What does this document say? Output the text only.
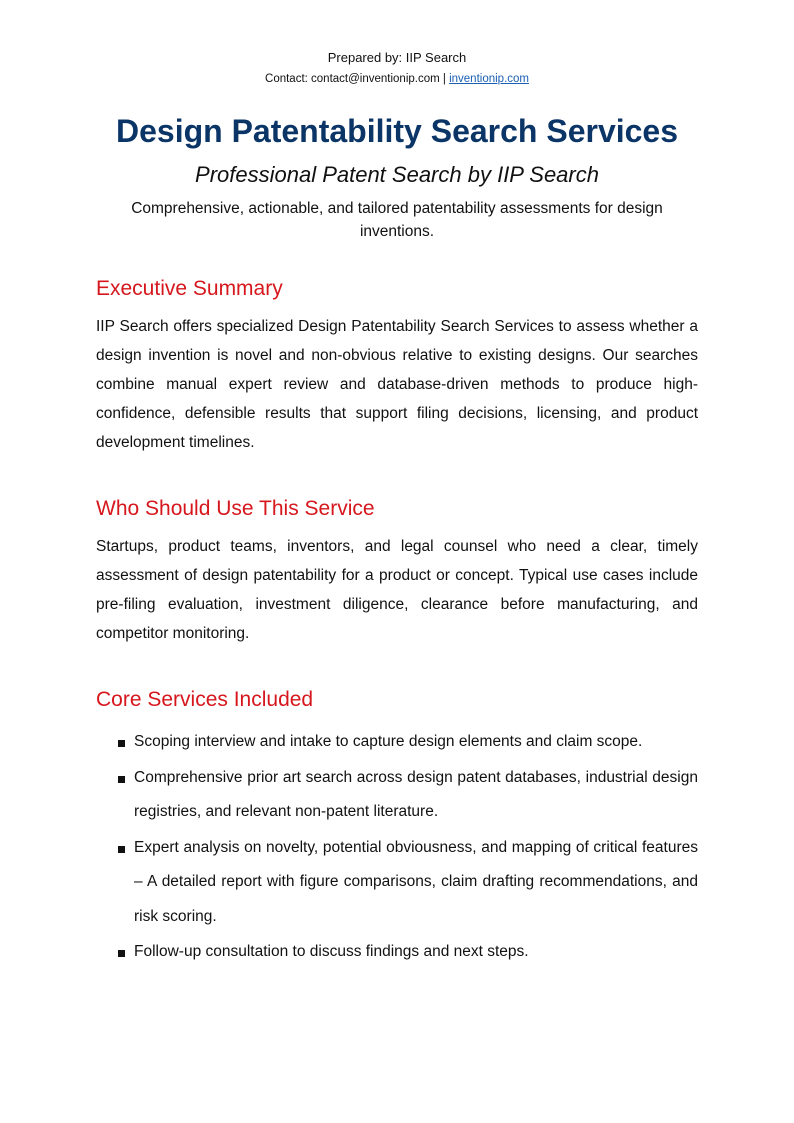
Prepared by: IIP Search
Contact: contact@inventionip.com | inventionip.com
Design Patentability Search Services
Professional Patent Search by IIP Search
Comprehensive, actionable, and tailored patentability assessments for design inventions.
Executive Summary

IIP Search offers specialized Design Patentability Search Services to assess whether a design invention is novel and non-obvious relative to existing designs. Our searches combine manual expert review and database-driven methods to produce high-confidence, defensible results that support filing decisions, licensing, and product development timelines.

Who Should Use This Service

Startups, product teams, inventors, and legal counsel who need a clear, timely assessment of design patentability for a product or concept. Typical use cases include pre-filing evaluation, investment diligence, clearance before manufacturing, and competitor monitoring.

Core Services Included
Scoping interview and intake to capture design elements and claim scope.
Comprehensive prior art search across design patent databases, industrial design registries, and relevant non-patent literature.
Expert analysis on novelty, potential obviousness, and mapping of critical features – A detailed report with figure comparisons, claim drafting recommendations, and risk scoring.
Follow-up consultation to discuss findings and next steps.
